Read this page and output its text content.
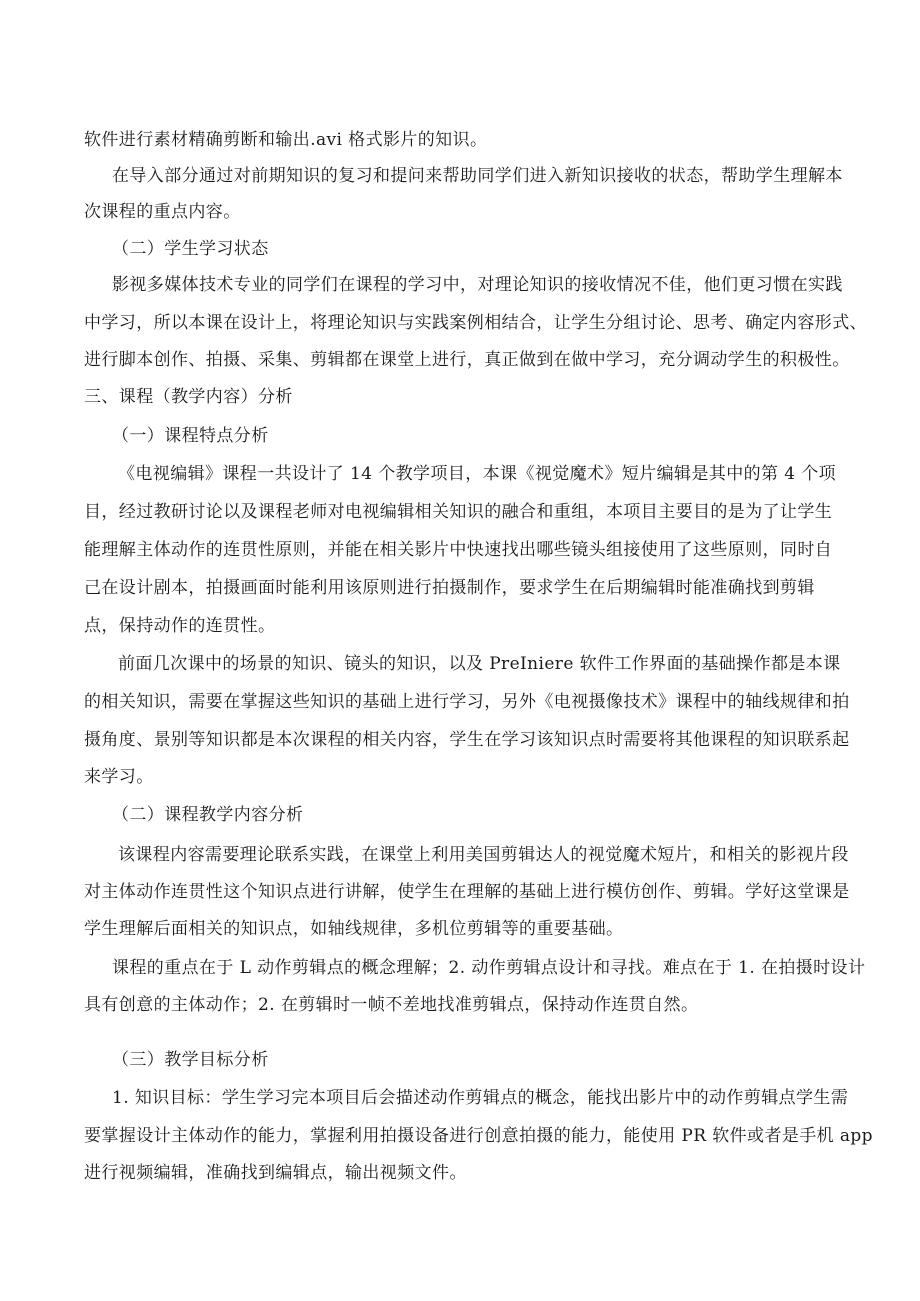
软件进行素材精确剪断和输出.avi 格式影片的知识。
在导入部分通过对前期知识的复习和提问来帮助同学们进入新知识接收的状态，帮助学生理解本
次课程的重点内容。
（二）学生学习状态
影视多媒体技术专业的同学们在课程的学习中，对理论知识的接收情况不佳，他们更习惯在实践
中学习，所以本课在设计上，将理论知识与实践案例相结合，让学生分组讨论、思考、确定内容形式、
进行脚本创作、拍摄、采集、剪辑都在课堂上进行，真正做到在做中学习，充分调动学生的积极性。
三、课程（教学内容）分析
（一）课程特点分析
《电视编辑》课程一共设计了 14 个教学项目，本课《视觉魔术》短片编辑是其中的第 4 个项
目，经过教研讨论以及课程老师对电视编辑相关知识的融合和重组，本项目主要目的是为了让学生
能理解主体动作的连贯性原则，并能在相关影片中快速找出哪些镜头组接使用了这些原则，同时自
己在设计剧本，拍摄画面时能利用该原则进行拍摄制作，要求学生在后期编辑时能准确找到剪辑
点，保持动作的连贯性。
前面几次课中的场景的知识、镜头的知识，以及 PreIniere 软件工作界面的基础操作都是本课
的相关知识，需要在掌握这些知识的基础上进行学习，另外《电视摄像技术》课程中的轴线规律和拍
摄角度、景别等知识都是本次课程的相关内容，学生在学习该知识点时需要将其他课程的知识联系起
来学习。
（二）课程教学内容分析
该课程内容需要理论联系实践，在课堂上利用美国剪辑达人的视觉魔术短片，和相关的影视片段
对主体动作连贯性这个知识点进行讲解，使学生在理解的基础上进行模仿创作、剪辑。学好这堂课是
学生理解后面相关的知识点，如轴线规律，多机位剪辑等的重要基础。
课程的重点在于 L 动作剪辑点的概念理解；2. 动作剪辑点设计和寻找。难点在于 1. 在拍摄时设计
具有创意的主体动作；2. 在剪辑时一帧不差地找准剪辑点，保持动作连贯自然。
（三）教学目标分析
1. 知识目标：学生学习完本项目后会描述动作剪辑点的概念，能找出影片中的动作剪辑点学生需
要掌握设计主体动作的能力，掌握利用拍摄设备进行创意拍摄的能力，能使用 PR 软件或者是手机 app
进行视频编辑，准确找到编辑点，输出视频文件。
